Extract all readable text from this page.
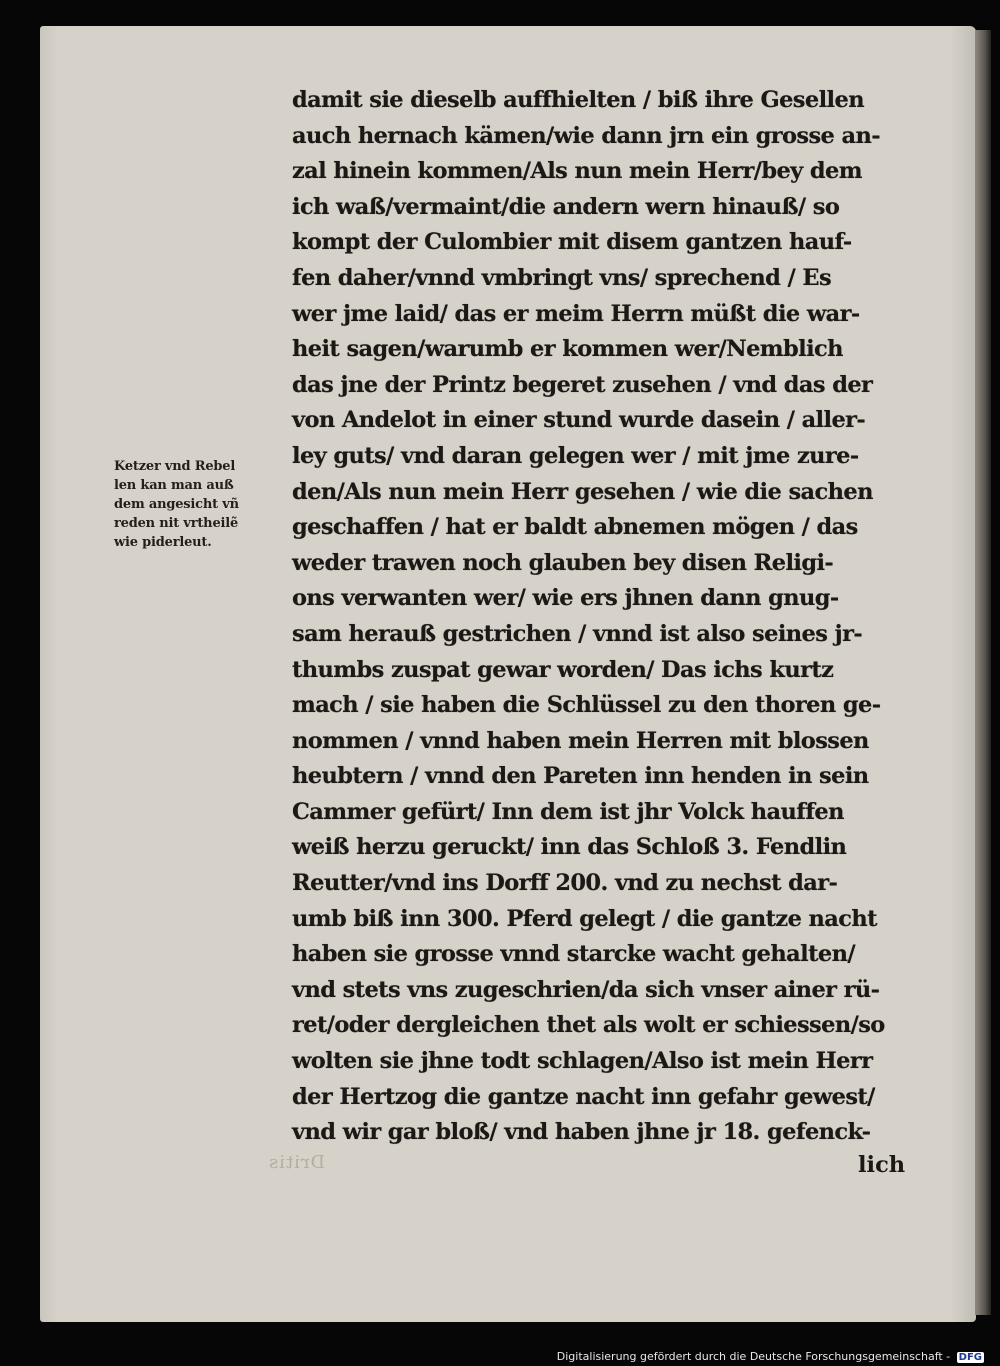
damit sie dieselb auffhielten / biß ihre Gesellen
auch hernach kämen/wie dann jrn ein grosse an-
zal hinein kommen/Als nun mein Herr/bey dem
ich waß/vermaint/die andern wern hinauß/ so
kompt der Culombier mit disem gantzen hauf-
fen daher/vnnd vmbringt vns/ sprechend / Es
wer jme laid/ das er meim Herrn müßt die war-
heit sagen/warumb er kommen wer/Nemblich
das jne der Printz begeret zusehen / vnd das der
von Andelot in einer stund wurde dasein / aller-
ley guts/ vnd daran gelegen wer / mit jme zure-
den/Als nun mein Herr gesehen / wie die sachen
geschaffen / hat er baldt abnemen mögen / das
weder trawen noch glauben bey disen Religi-
ons verwanten wer/ wie ers jhnen dann gnug-
sam herauß gestrichen / vnnd ist also seines jr-
thumbs zuspat gewar worden/ Das ichs kurtz
mach / sie haben die Schlüssel zu den thoren ge-
nommen / vnnd haben mein Herren mit blossen
heubtern / vnnd den Pareten inn henden in sein
Cammer gefürt/ Inn dem ist jhr Volck hauffen
weiß herzu geruckt/ inn das Schloß 3. Fendlin
Reutter/vnd ins Dorff 200. vnd zu nechst dar-
umb biß inn 300. Pferd gelegt / die gantze nacht
haben sie grosse vnnd starcke wacht gehalten/
vnd stets vns zugeschrien/da sich vnser ainer rü-
ret/oder dergleichen thet als wolt er schiessen/so
wolten sie jhne todt schlagen/Also ist mein Herr
der Hertzog die gantze nacht inn gefahr gewest/
vnd wir gar bloß/ vnd haben jhne jr 18. gefenck-
lich
Ketzer vnd Rebel
len kan man auß
dem angesicht vñ
reden nit vrtheilẽ
wie piderleut.
Dritis
Digitalisierung gefördert durch die Deutsche Forschungsgemeinschaft - DFG
